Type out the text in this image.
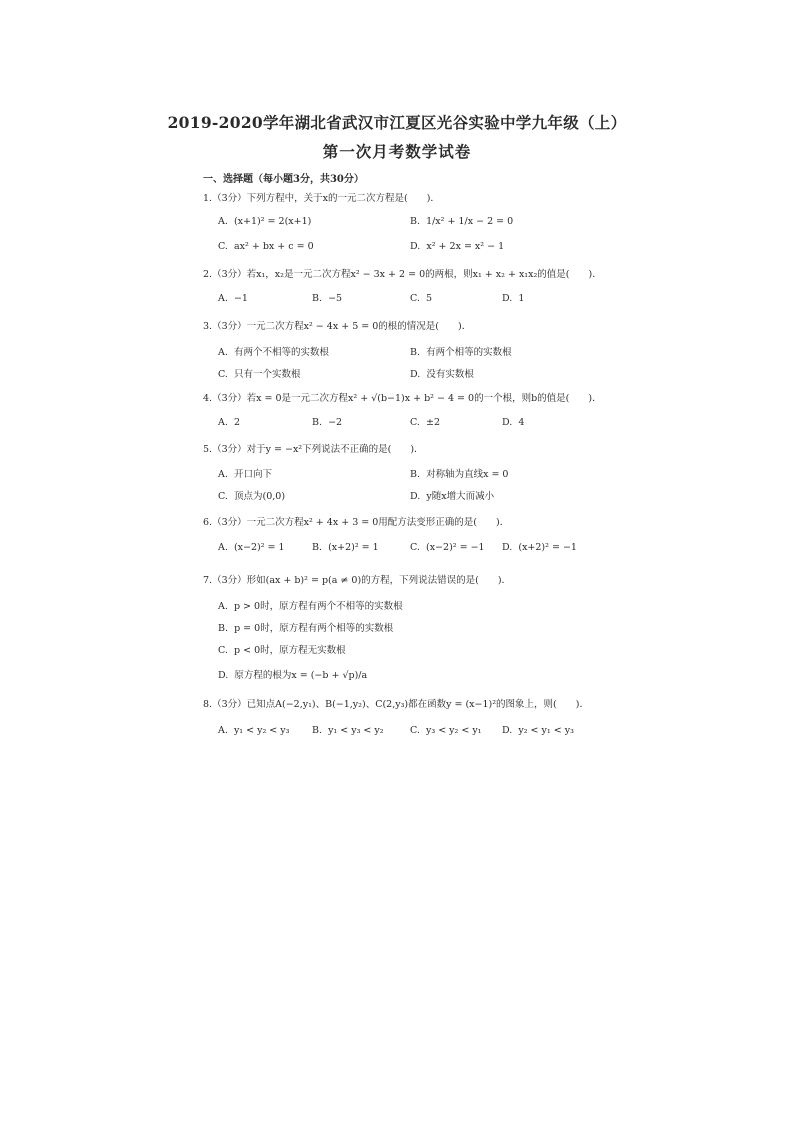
2019-2020学年湖北省武汉市江夏区光谷实验中学九年级（上）
第一次月考数学试卷
一、选择题（每小题3分，共30分）
1.（3分）下列方程中，关于x的一元二次方程是(　　)．
A. (x+1)² = 2(x+1)	B. 1/x² + 1/x − 2 = 0
C. ax² + bx + c = 0	D. x² + 2x = x² − 1
2.（3分）若x₁，x₂是一元二次方程x² − 3x + 2 = 0的两根，则x₁ + x₂ + x₁x₂的值是(　　)．
A. −1	B. −5	C. 5	D. 1
3.（3分）一元二次方程x² − 4x + 5 = 0的根的情况是(　　)．
A. 有两个不相等的实数根	B. 有两个相等的实数根
C. 只有一个实数根	D. 没有实数根
4.（3分）若x = 0是一元二次方程x² + √(b−1)x + b² − 4 = 0的一个根，则b的值是(　　)．
A. 2	B. −2	C. ±2	D. 4
5.（3分）对于y = −x²下列说法不正确的是(　　)．
A. 开口向下	B. 对称轴为直线x = 0
C. 顶点为(0,0)	D. y随x增大而减小
6.（3分）一元二次方程x² + 4x + 3 = 0用配方法变形正确的是(　　)．
A. (x−2)² = 1	B. (x+2)² = 1	C. (x−2)² = −1 D. (x+2)² = −1
7.（3分）形如(ax + b)² = p(a ≠ 0)的方程，下列说法错误的是(　　)．
A. p > 0时，原方程有两个不相等的实数根
B. p = 0时，原方程有两个相等的实数根
C. p < 0时，原方程无实数根
D. 原方程的根为x = (−b + √p)/a
8.（3分）已知点A(−2,y₁)、B(−1,y₂)、C(2,y₃)都在函数y = (x−1)²的图象上，则(　　)．
A. y₁ < y₂ < y₃ B. y₁ < y₃ < y₂	C. y₃ < y₂ < y₁ D. y₂ < y₁ < y₃
